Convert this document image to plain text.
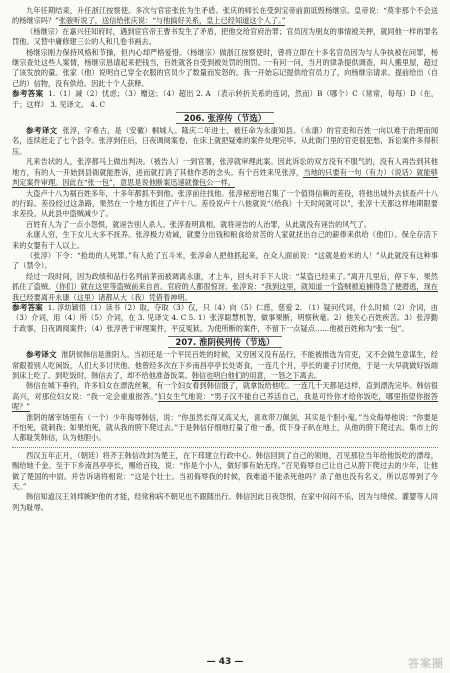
九年任期结束，升任浙江按察使。多次与官宦张佐为生矛盾。张庆的师长在受到宝帝前面诋毁杨继宗。皇帝说：“莫非那个不会送的杨继宗吗？”张骏听说了，送信给张庆说：“与他搞好关系，皇上已经知道这个人了。”

（杨继宗）在嘉兴任知府时，遇到宦官帝王曹书发生了矛盾，把他交给官府治罪；官员因为朋友的事情被关押，就同他一样的罪名罚他。又替中庸修建三公的人和几卷书画去。

杨继宗刚力保持风格和节操，但内心却严格爱惜。（杨继宗）做浙江按察使时，曾将立即在十多名官员因为与人争执被在问罪，杨继宗查处这些人案情，杨继宗恳请起来把钱当，百姓就各自受到被处罚的刑罚。一有问一问，当月的律条提供调查，叫人搬里屋，超过了该发放的量。张家（他）说明自己穿全衣服的官员少了数量而发怒的。我一开始忘记提供给官员力了，向杨继宗请求。提前给出（自己的）信物，没有供给。因此十个人获释。

参考答案 1.（1）减（2）忧虑；（3）赠送；（4）超出 2. A （表示转折关系的连词，然而）B（哪个）C（常常，每每）D（在，于；这样） 3. 见译文。 4. C

206. 张淳传（节选）

参考译文 张淳，字希古，是（安徽）桐城人。隆庆二年进士，被任命为永康知县。（永康）的官吏和百姓一向以难于治理而闻名，连续赶走了七个县令。张淳到任后，日夜调阅案卷，在床上就把疑难的案件处理完毕。从此衙门里的官吏很犯愁，诉讼案件多得积压。

凡来告状的人，张淳都马上做出判决。（被告人）一到官署，张淳就审理此案。因此诉讼的双方没有不服气的，没有人再告到其他地方，有的人一开始到县衙就能胜诉，进而就打消了其他作恶的念头。有个百姓来见张淳，当地的只要有一句（有力）（说话）就能够判定案件审理。因此在“张一包”，意思是说他断案迅速就像包公一样。

大盗卢十八为祸百姓多年，十多年都抓不到他。张淳前往找他。张淳秘密地召集了一个值得信赖的差役，将他出城外去侦查卢十八的行踪。差役经过这条路，果然在一个地方抓住了卢十八。差役说卢十八他就说“（给我）十天时间就可以”，张淳十天都这样地期限要求差役。从此县中盗贼减少了。

百姓有人为了一点小怨恨，就诬告别人杀人。张淳查明真相，就将诬告的人治罪，从此就没有诬告的风气了。

永康人穷，生下女儿大多不抚养。张淳极力劝诫，就要分出钱和粮食给贫苦的人家就抚出自己的薪俸来供给（他们）。保全存活下来的女婴有千人以上。

（张淳）下令：“抢劫的人死罪。”有人抢了五斗米，张淳命人把他抓起来，在众人面前说：“这就是抢米的人！”从此就没有这种事了（禁令）。

经过一段时间，因为政绩和品行名列前茅而被调离永康，才上车，回头对手下人说：“某盗已经来了。”离开几里后，停下车，果然抓住了盗贼。（你们）就在这里等盗贼前来自首。官府的人都很惊讶。张淳说：“我到这里，就知道一个盗贼被追捕得急了便潜逃，现在我已经要离开永康（这里）诸都从大（我）凭借着神明。

参考答案 1. 淳幼颖悟（1）读书（2）取，夺取（3）仅，只（4）向（5）仁慈，慈爱 2. （1）疑问代词，什么时候（2）介词，由（3）介词，用（4）所（5）介词，在 3. 见译文 4. C 5. 1）张淳聪慧机智，做事果断，明察秋毫。2）他关心百姓疾苦。3）张淳勤于政事，日夜调阅案件；（4）张淳善于审理案件，平反冤狱。为使所断的案件，不留下一点疑点……他被百姓称为“张一包”。

207. 淮阴侯列传（节选）

参考译文 淮阴侯韩信是淮阴人。当初还是一个平民百姓的时候，又穷困又没有品行，不能被推选为官吏，又不会做生意谋生，经常跟着别人吃闲饭，人们大多讨厌他。他曾经多次在下乡南昌亭亭长处寄食，一连几个月，亭长的妻子讨厌他，于是一大早就做好饭端到床上吃了。到吃饭时，韩信去了，却不给他准备饭菜。韩信也明白他们的用意，一怒之下离去。

韩信在城下垂钓，许多妇女在漂洗丝絮，有一个妇女看到韩信饿了，就拿饭给他吃。一连几十天都是这样，直到漂洗完毕。韩信很高兴，对那位妇女说：“我一定会重重报答。”妇女生气地说：“男子汉不能自己养活自己，我是可怜你才给你饭吃，哪里指望你报答呢？”

淮阴的屠宰场里有（一个）少年侮辱韩信，说：“你虽然长得又高又大，喜欢带刀佩剑，其实是个胆小鬼。”当众侮辱他说：“你要是不怕死，就刺我；如果怕死，就从我的胯下爬过去。”于是韩信仔细地打量了他一番，低下身子趴在地上，从他的胯下爬过去。集市上的人都耻笑韩信，认为他胆小。

西汉五年正月，（朝廷）将齐王韩信改封为楚王，在下邳建立行政中心。韩信回到了自己的领地，召见那位当年给他饭吃的漂母，赐给她千金。至于下乡南昌亭亭长，赐给百钱，说：“你是个小人，做好事有始无终。”召见侮辱自己让自己从胯下爬过去的少年，让他做了楚国的中尉。并告诉诸将相说：“这是个壮士。当初侮辱我的时候，我难道不能杀死他吗？杀了他也没有名义，所以忍辱到了今天。”

韩信知道汉王刘邦嫉妒他的才能，经常称病不朝见也不跟随出行。韩信因此日夜怨恨，在家中闷闷不乐，因为与绛侯、灌婴等人同列为耻辱。

— 43 —	答案圈
